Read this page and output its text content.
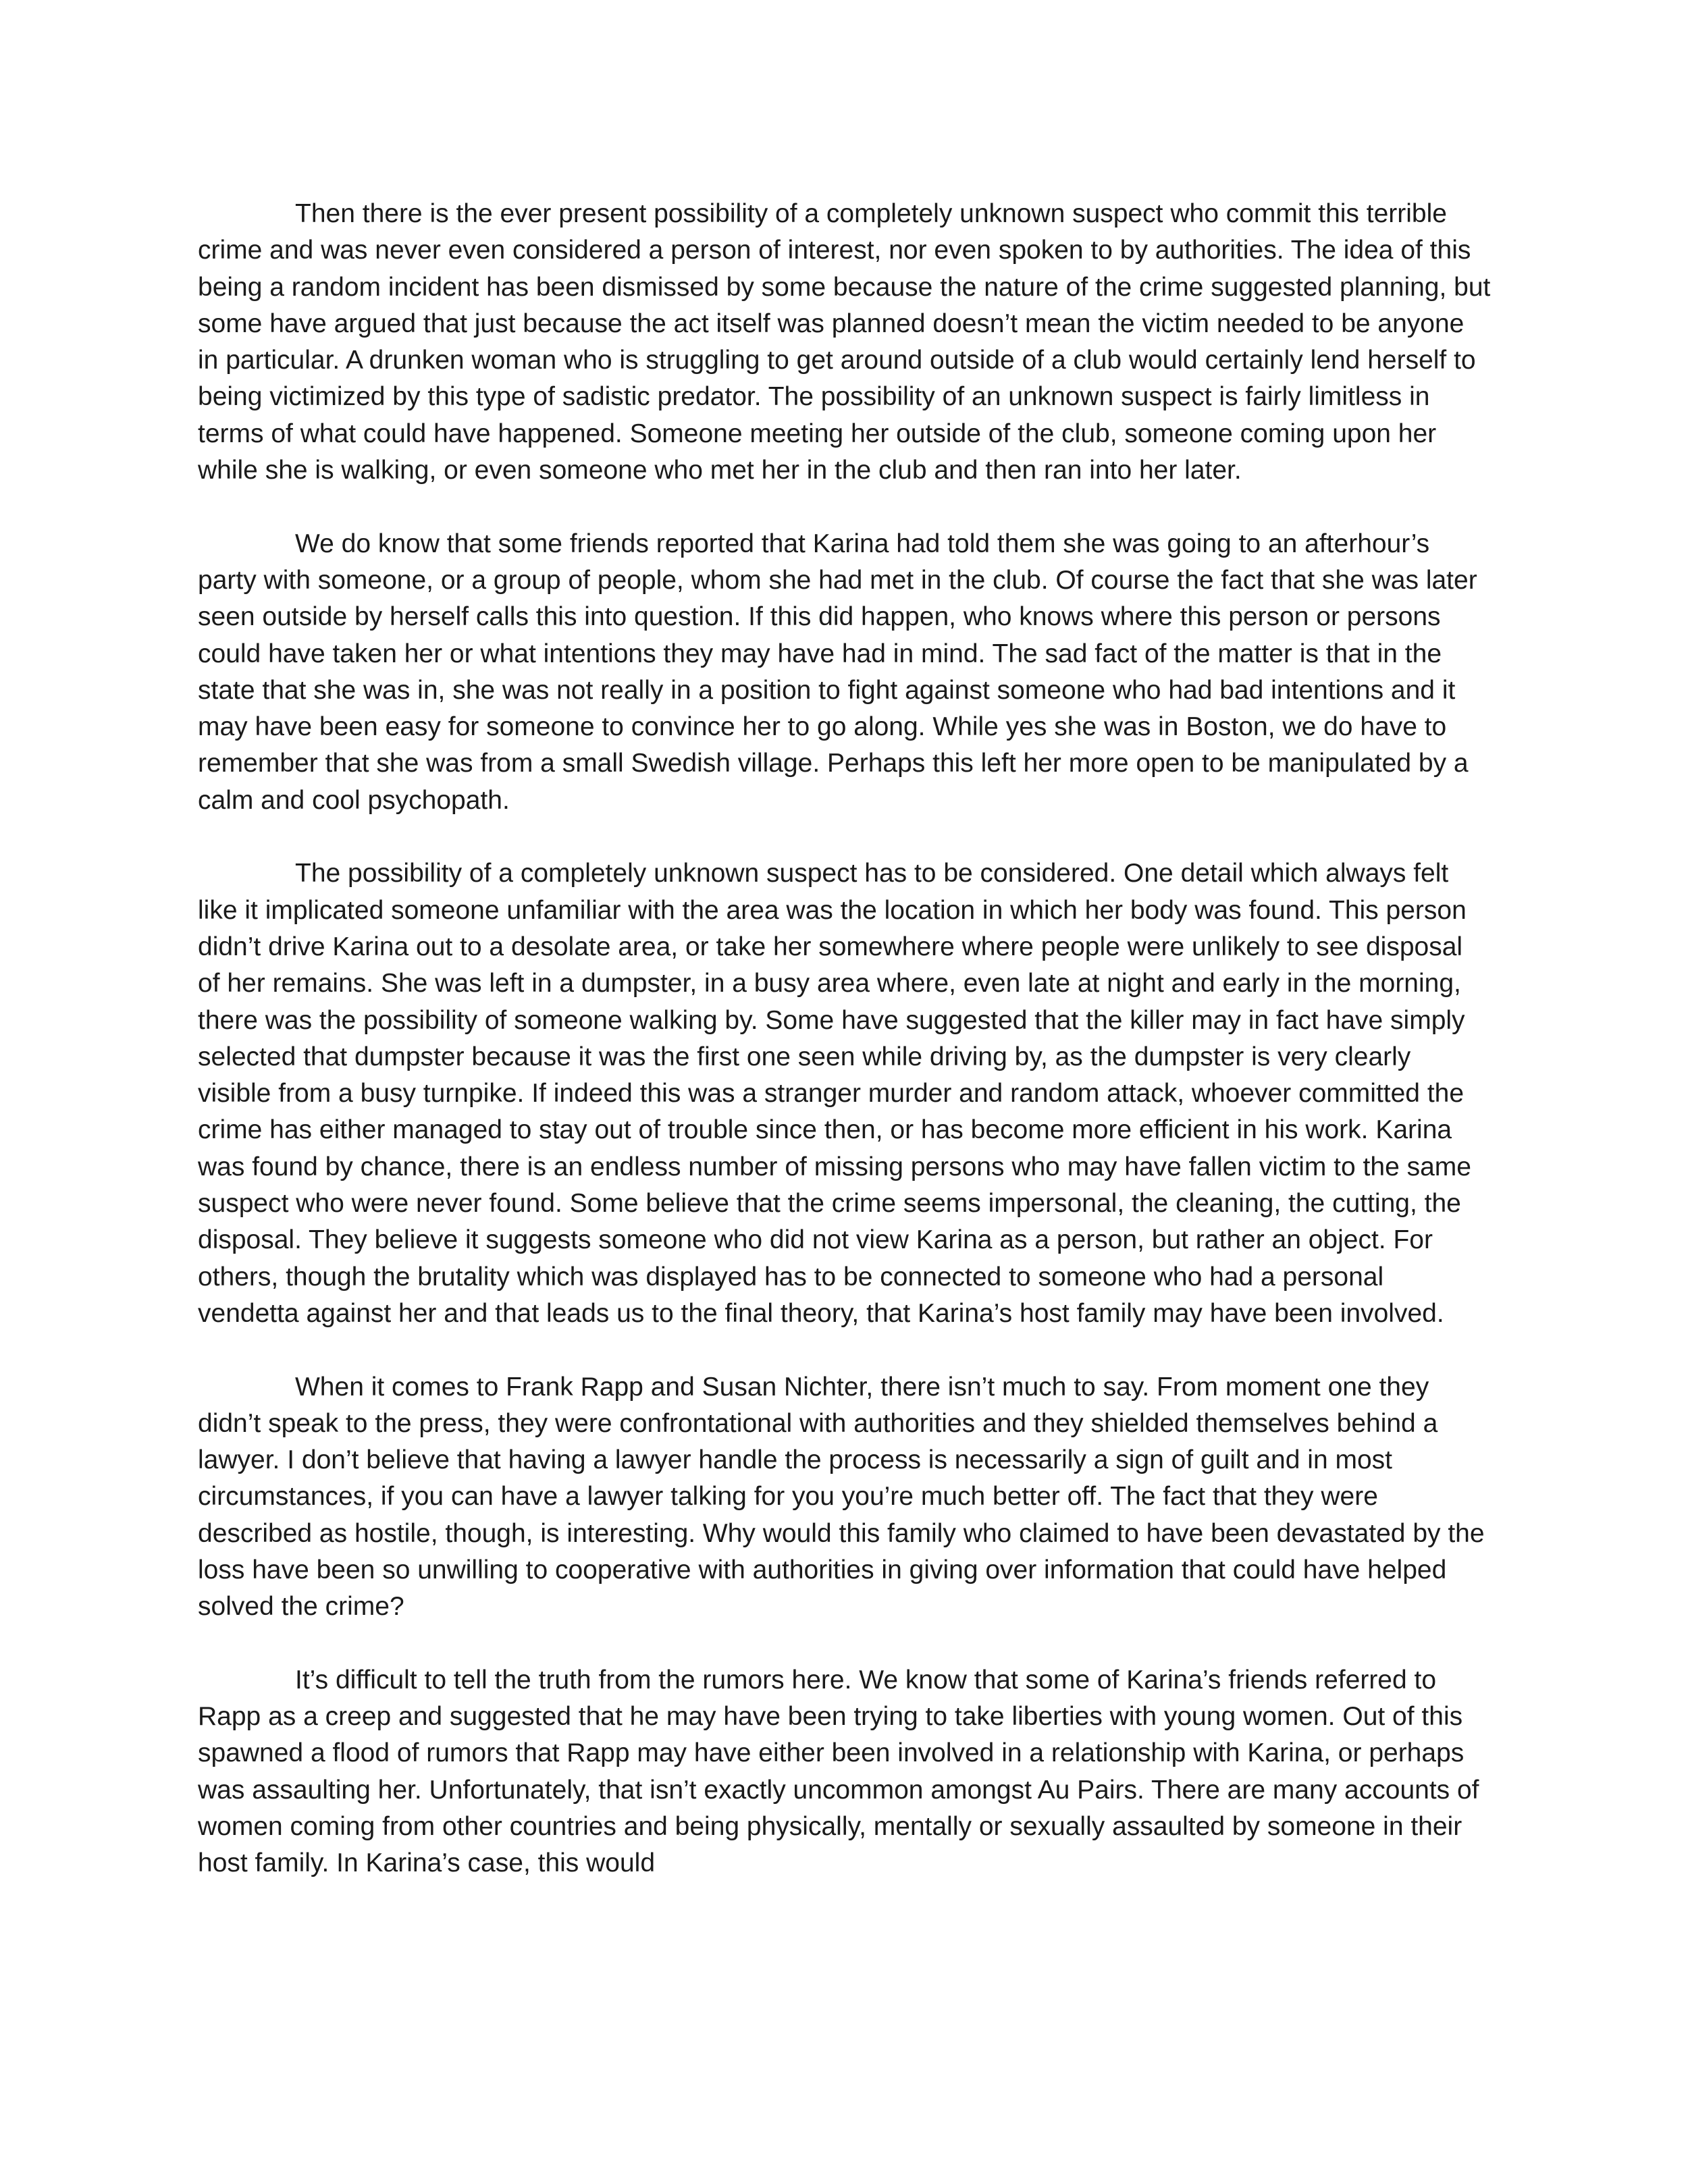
Then there is the ever present possibility of a completely unknown suspect who commit this terrible crime and was never even considered a person of interest, nor even spoken to by authorities. The idea of this being a random incident has been dismissed by some because the nature of the crime suggested planning, but some have argued that just because the act itself was planned doesn’t mean the victim needed to be anyone in particular. A drunken woman who is struggling to get around outside of a club would certainly lend herself to being victimized by this type of sadistic predator. The possibility of an unknown suspect is fairly limitless in terms of what could have happened. Someone meeting her outside of the club, someone coming upon her while she is walking, or even someone who met her in the club and then ran into her later.

We do know that some friends reported that Karina had told them she was going to an afterhour’s party with someone, or a group of people, whom she had met in the club. Of course the fact that she was later seen outside by herself calls this into question. If this did happen, who knows where this person or persons could have taken her or what intentions they may have had in mind. The sad fact of the matter is that in the state that she was in, she was not really in a position to fight against someone who had bad intentions and it may have been easy for someone to convince her to go along. While yes she was in Boston, we do have to remember that she was from a small Swedish village. Perhaps this left her more open to be manipulated by a calm and cool psychopath.

The possibility of a completely unknown suspect has to be considered. One detail which always felt like it implicated someone unfamiliar with the area was the location in which her body was found. This person didn’t drive Karina out to a desolate area, or take her somewhere where people were unlikely to see disposal of her remains. She was left in a dumpster, in a busy area where, even late at night and early in the morning, there was the possibility of someone walking by. Some have suggested that the killer may in fact have simply selected that dumpster because it was the first one seen while driving by, as the dumpster is very clearly visible from a busy turnpike. If indeed this was a stranger murder and random attack, whoever committed the crime has either managed to stay out of trouble since then, or has become more efficient in his work. Karina was found by chance, there is an endless number of missing persons who may have fallen victim to the same suspect who were never found. Some believe that the crime seems impersonal, the cleaning, the cutting, the disposal. They believe it suggests someone who did not view Karina as a person, but rather an object. For others, though the brutality which was displayed has to be connected to someone who had a personal vendetta against her and that leads us to the final theory, that Karina’s host family may have been involved.

When it comes to Frank Rapp and Susan Nichter, there isn’t much to say. From moment one they didn’t speak to the press, they were confrontational with authorities and they shielded themselves behind a lawyer. I don’t believe that having a lawyer handle the process is necessarily a sign of guilt and in most circumstances, if you can have a lawyer talking for you you’re much better off. The fact that they were described as hostile, though, is interesting. Why would this family who claimed to have been devastated by the loss have been so unwilling to cooperative with authorities in giving over information that could have helped solved the crime?

It’s difficult to tell the truth from the rumors here. We know that some of Karina’s friends referred to Rapp as a creep and suggested that he may have been trying to take liberties with young women. Out of this spawned a flood of rumors that Rapp may have either been involved in a relationship with Karina, or perhaps was assaulting her. Unfortunately, that isn’t exactly uncommon amongst Au Pairs. There are many accounts of women coming from other countries and being physically, mentally or sexually assaulted by someone in their host family. In Karina’s case, this would
